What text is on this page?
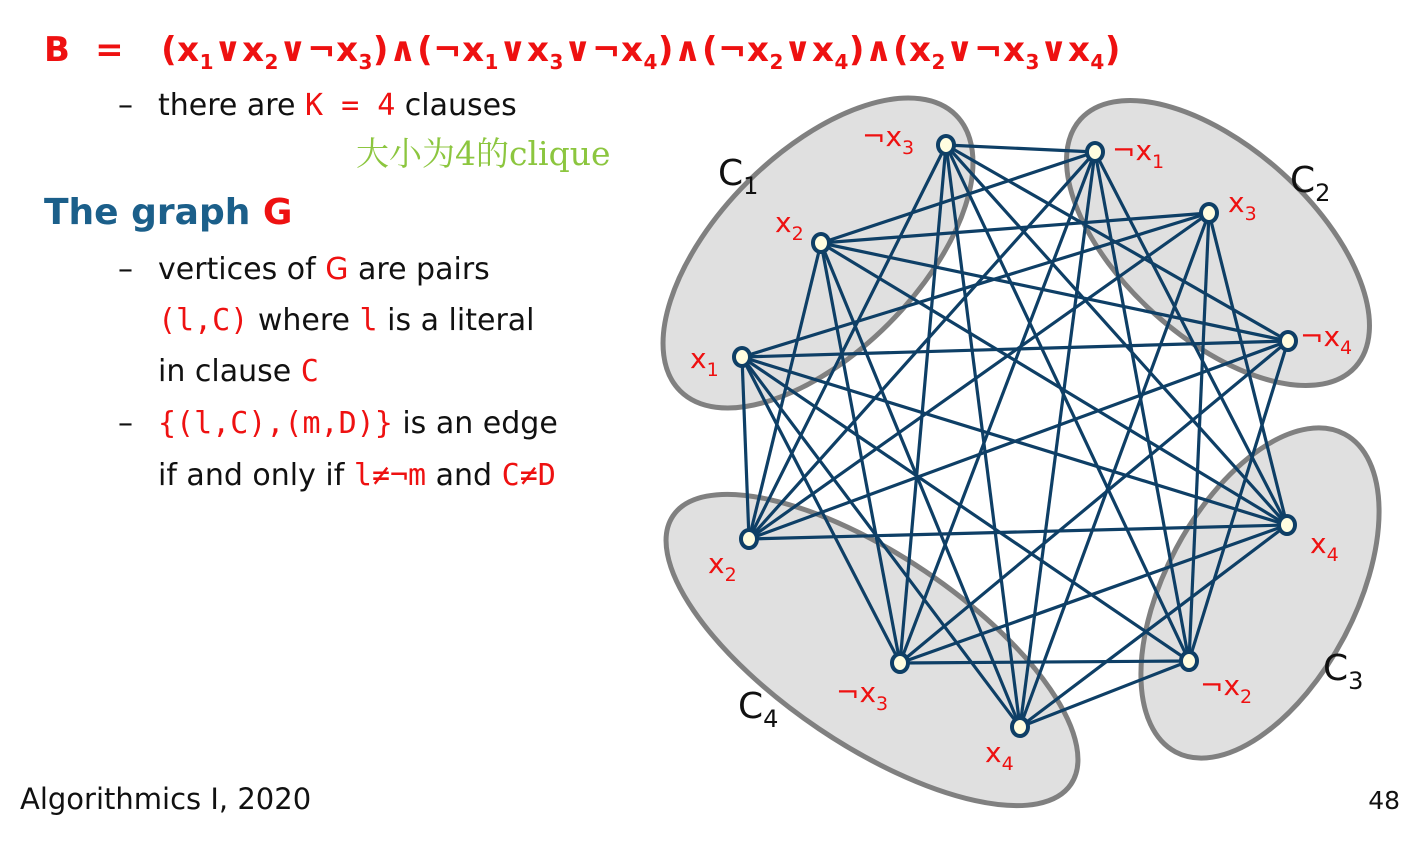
$B = (x_1\vee x_2\vee\neg x_3)\wedge(\neg x_1\vee x_3\vee\neg x_4)\wedge(\neg x_2\vee x_4)\wedge(x_2\vee\neg x_3\vee x_4)$
– there are K = 4 clauses
大小为4的clique
The graph G
– vertices of G are pairs
(l,C) where l is a literal
in clause C
– {(l,C),(m,D)} is an edge
if and only if l≠¬m and C≠D
Algorithmics I, 2020	48
$x_1$
$x_2$
$\neg x_3$	$\neg x_1$
$x_3$
$\neg x_4$
$x_4$
$\neg x_2$
$x_4$
$\neg x_3$
$x_2$
$C_1$	$C_2$
$C_3$
$C_4$
